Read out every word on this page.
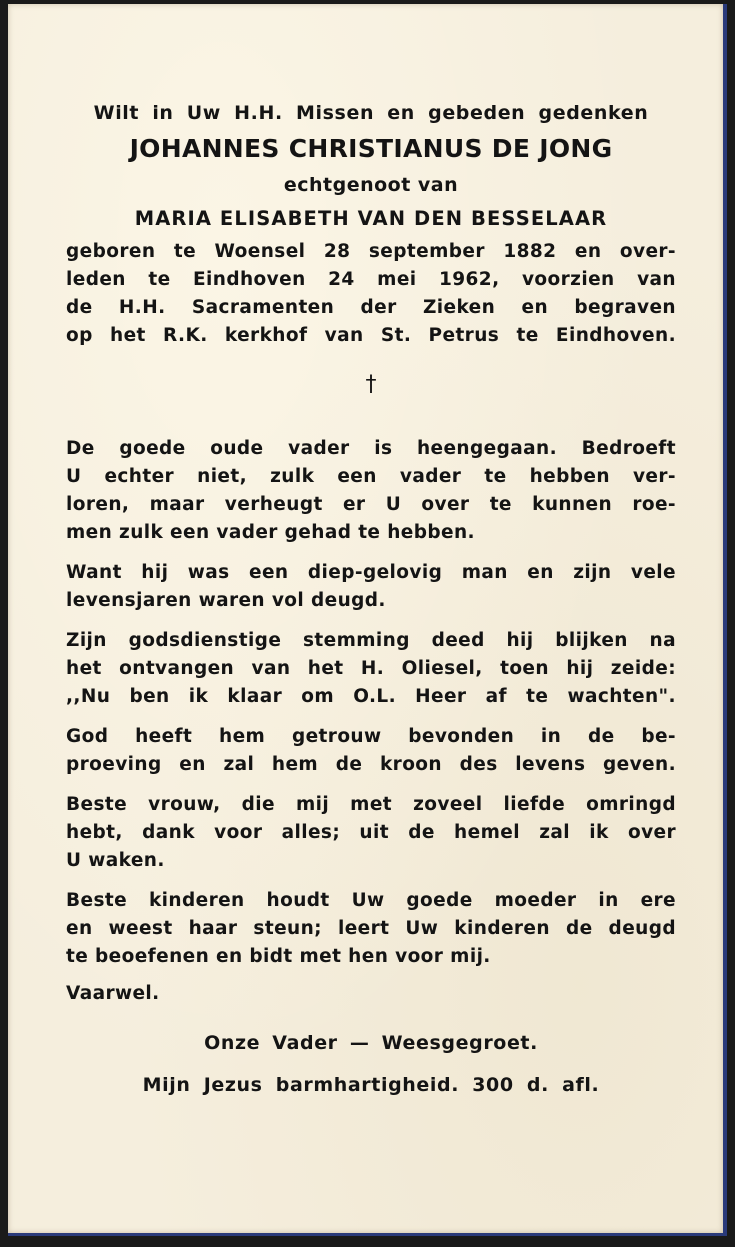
Wilt in Uw H.H. Missen en gebeden gedenken
JOHANNES CHRISTIANUS DE JONG
echtgenoot van
MARIA ELISABETH VAN DEN BESSELAAR
geboren te Woensel 28 september 1882 en over-
leden te Eindhoven 24 mei 1962, voorzien van
de H.H. Sacramenten der Zieken en begraven
op het R.K. kerkhof van St. Petrus te Eindhoven.
†
De goede oude vader is heengegaan. Bedroeft
U echter niet, zulk een vader te hebben ver-
loren, maar verheugt er U over te kunnen roe-
men zulk een vader gehad te hebben.
Want hij was een diep-gelovig man en zijn vele
levensjaren waren vol deugd.
Zijn godsdienstige stemming deed hij blijken na
het ontvangen van het H. Oliesel, toen hij zeide:
,,Nu ben ik klaar om O.L. Heer af te wachten".
God heeft hem getrouw bevonden in de be-
proeving en zal hem de kroon des levens geven.
Beste vrouw, die mij met zoveel liefde omringd
hebt, dank voor alles; uit de hemel zal ik over
U waken.
Beste kinderen houdt Uw goede moeder in ere
en weest haar steun; leert Uw kinderen de deugd
te beoefenen en bidt met hen voor mij.
Vaarwel.
Onze Vader — Weesgegroet.
Mijn Jezus barmhartigheid. 300 d. afl.
